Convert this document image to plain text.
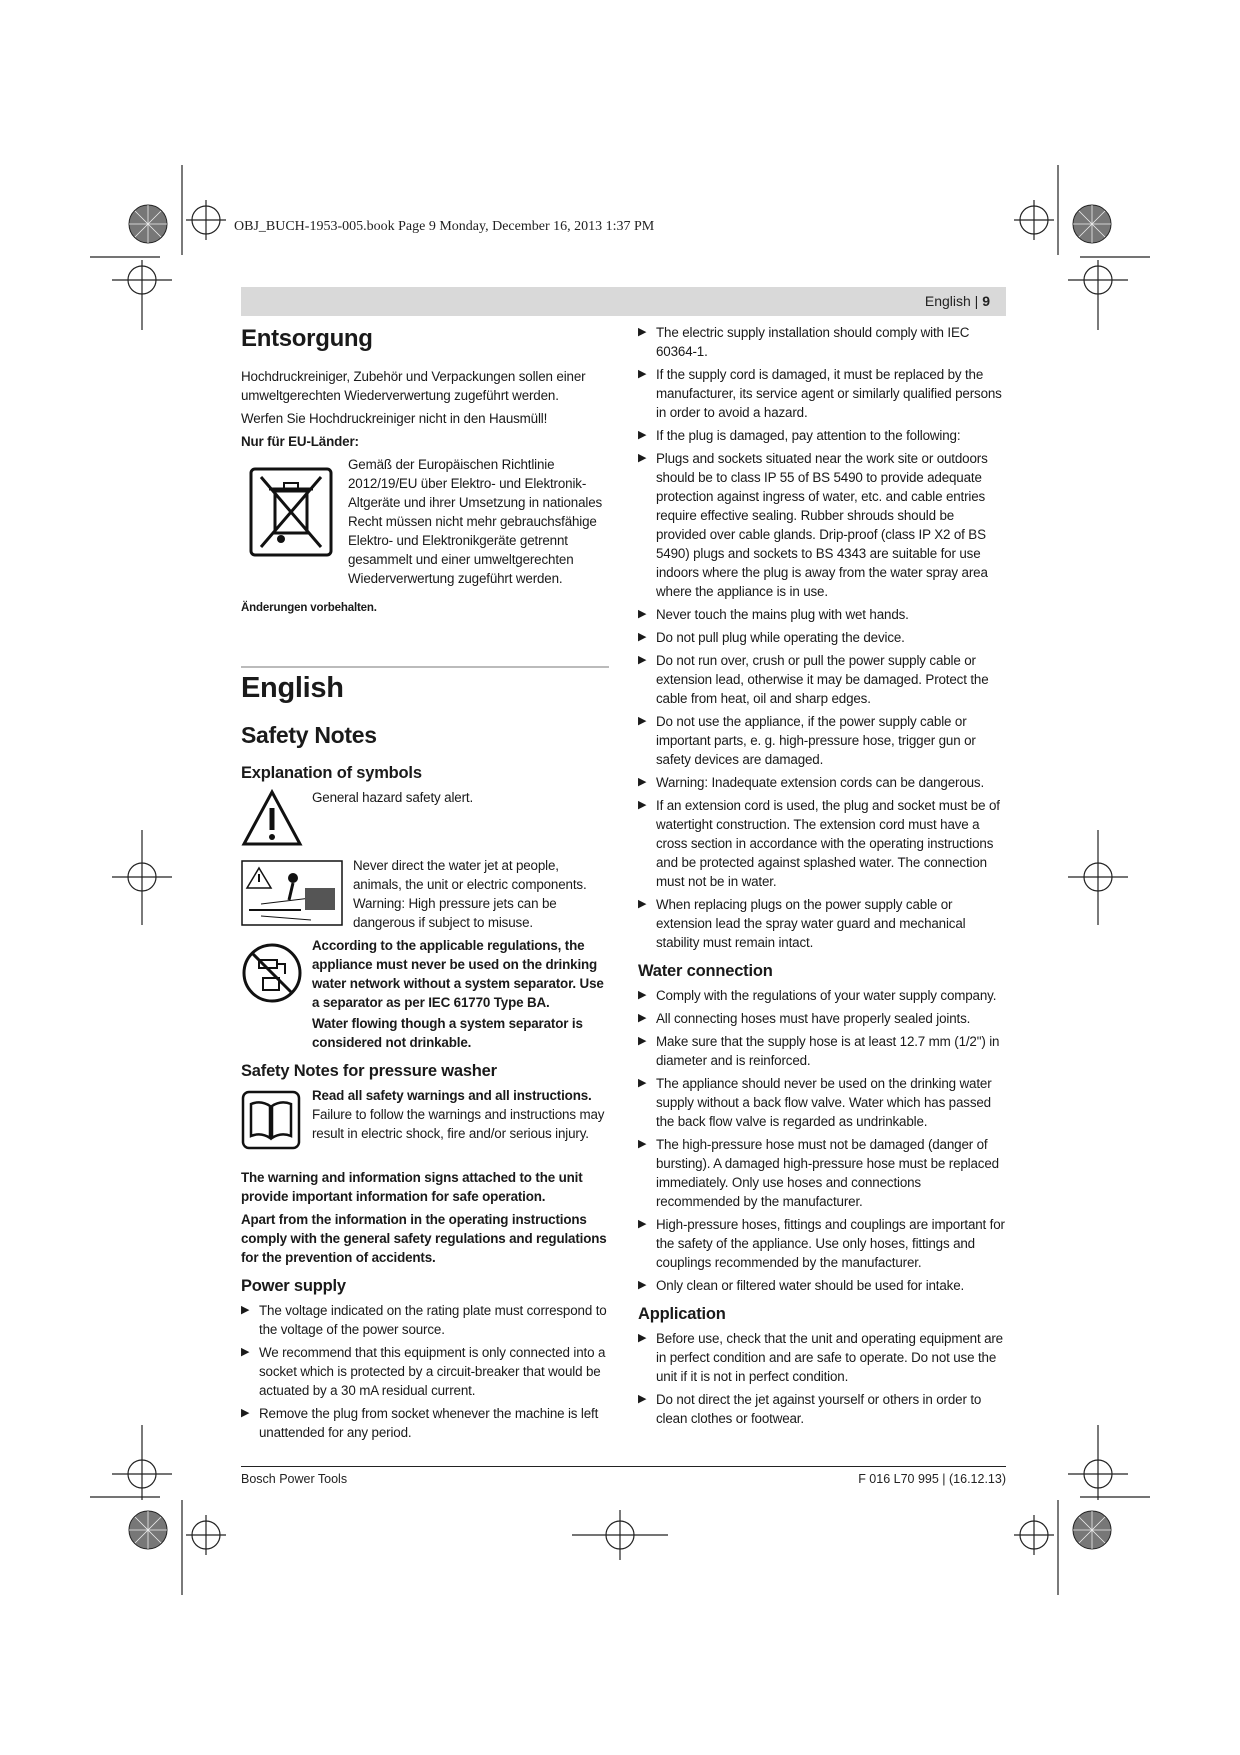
OBJ_BUCH-1953-005.book Page 9 Monday, December 16, 2013 1:37 PM
English | 9
Entsorgung

Hochdruckreiniger, Zubehör und Verpackungen sollen einer umweltgerechten Wiederverwertung zugeführt werden.

Werfen Sie Hochdruckreiniger nicht in den Hausmüll!

Nur für EU-Länder:

Gemäß der Europäischen Richtlinie 2012/19/EU über Elektro- und Elektronik-Altgeräte und ihrer Umsetzung in nationales Recht müssen nicht mehr gebrauchsfähige Elektro- und Elektronikgeräte getrennt gesammelt und einer umweltgerechten Wiederverwertung zugeführt werden.

Änderungen vorbehalten.

English
Safety Notes
Explanation of symbols

General hazard safety alert.

Never direct the water jet at people, animals, the unit or electric components. Warning: High pressure jets can be dangerous if subject to misuse.

According to the applicable regulations, the appliance must never be used on the drinking water network without a system separator. Use a separator as per IEC 61770 Type BA.

Water flowing though a system separator is considered not drinkable.

Safety Notes for pressure washer

Read all safety warnings and all instructions. Failure to follow the warnings and instructions may result in electric shock, fire and/or serious injury.

The warning and information signs attached to the unit provide important information for safe operation.

Apart from the information in the operating instructions comply with the general safety regulations and regulations for the prevention of accidents.

Power supply
▶ The voltage indicated on the rating plate must correspond to the voltage of the power source.
▶ We recommend that this equipment is only connected into a socket which is protected by a circuit-breaker that would be actuated by a 30 mA residual current.
▶ Remove the plug from socket whenever the machine is left unattended for any period.
▶ The electric supply installation should comply with IEC 60364-1.
▶ If the supply cord is damaged, it must be replaced by the manufacturer, its service agent or similarly qualified persons in order to avoid a hazard.
▶ If the plug is damaged, pay attention to the following:
▶ Plugs and sockets situated near the work site or outdoors should be to class IP 55 of BS 5490 to provide adequate protection against ingress of water, etc. and cable entries require effective sealing. Rubber shrouds should be provided over cable glands. Drip-proof (class IP X2 of BS 5490) plugs and sockets to BS 4343 are suitable for use indoors where the plug is away from the water spray area where the appliance is in use.
▶ Never touch the mains plug with wet hands.
▶ Do not pull plug while operating the device.
▶ Do not run over, crush or pull the power supply cable or extension lead, otherwise it may be damaged. Protect the cable from heat, oil and sharp edges.
▶ Do not use the appliance, if the power supply cable or important parts, e. g. high-pressure hose, trigger gun or safety devices are damaged.
▶ Warning: Inadequate extension cords can be dangerous.
▶ If an extension cord is used, the plug and socket must be of watertight construction. The extension cord must have a cross section in accordance with the operating instructions and be protected against splashed water. The connection must not be in water.
▶ When replacing plugs on the power supply cable or extension lead the spray water guard and mechanical stability must remain intact.
Water connection
▶ Comply with the regulations of your water supply company.
▶ All connecting hoses must have properly sealed joints.
▶ Make sure that the supply hose is at least 12.7 mm (1/2") in diameter and is reinforced.
▶ The appliance should never be used on the drinking water supply without a back flow valve. Water which has passed the back flow valve is regarded as undrinkable.
▶ The high-pressure hose must not be damaged (danger of bursting). A damaged high-pressure hose must be replaced immediately. Only use hoses and connections recommended by the manufacturer.
▶ High-pressure hoses, fittings and couplings are important for the safety of the appliance. Use only hoses, fittings and couplings recommended by the manufacturer.
▶ Only clean or filtered water should be used for intake.
Application
▶ Before use, check that the unit and operating equipment are in perfect condition and are safe to operate. Do not use the unit if it is not in perfect condition.
▶ Do not direct the jet against yourself or others in order to clean clothes or footwear.
Bosch Power Tools	F 016 L70 995 | (16.12.13)
